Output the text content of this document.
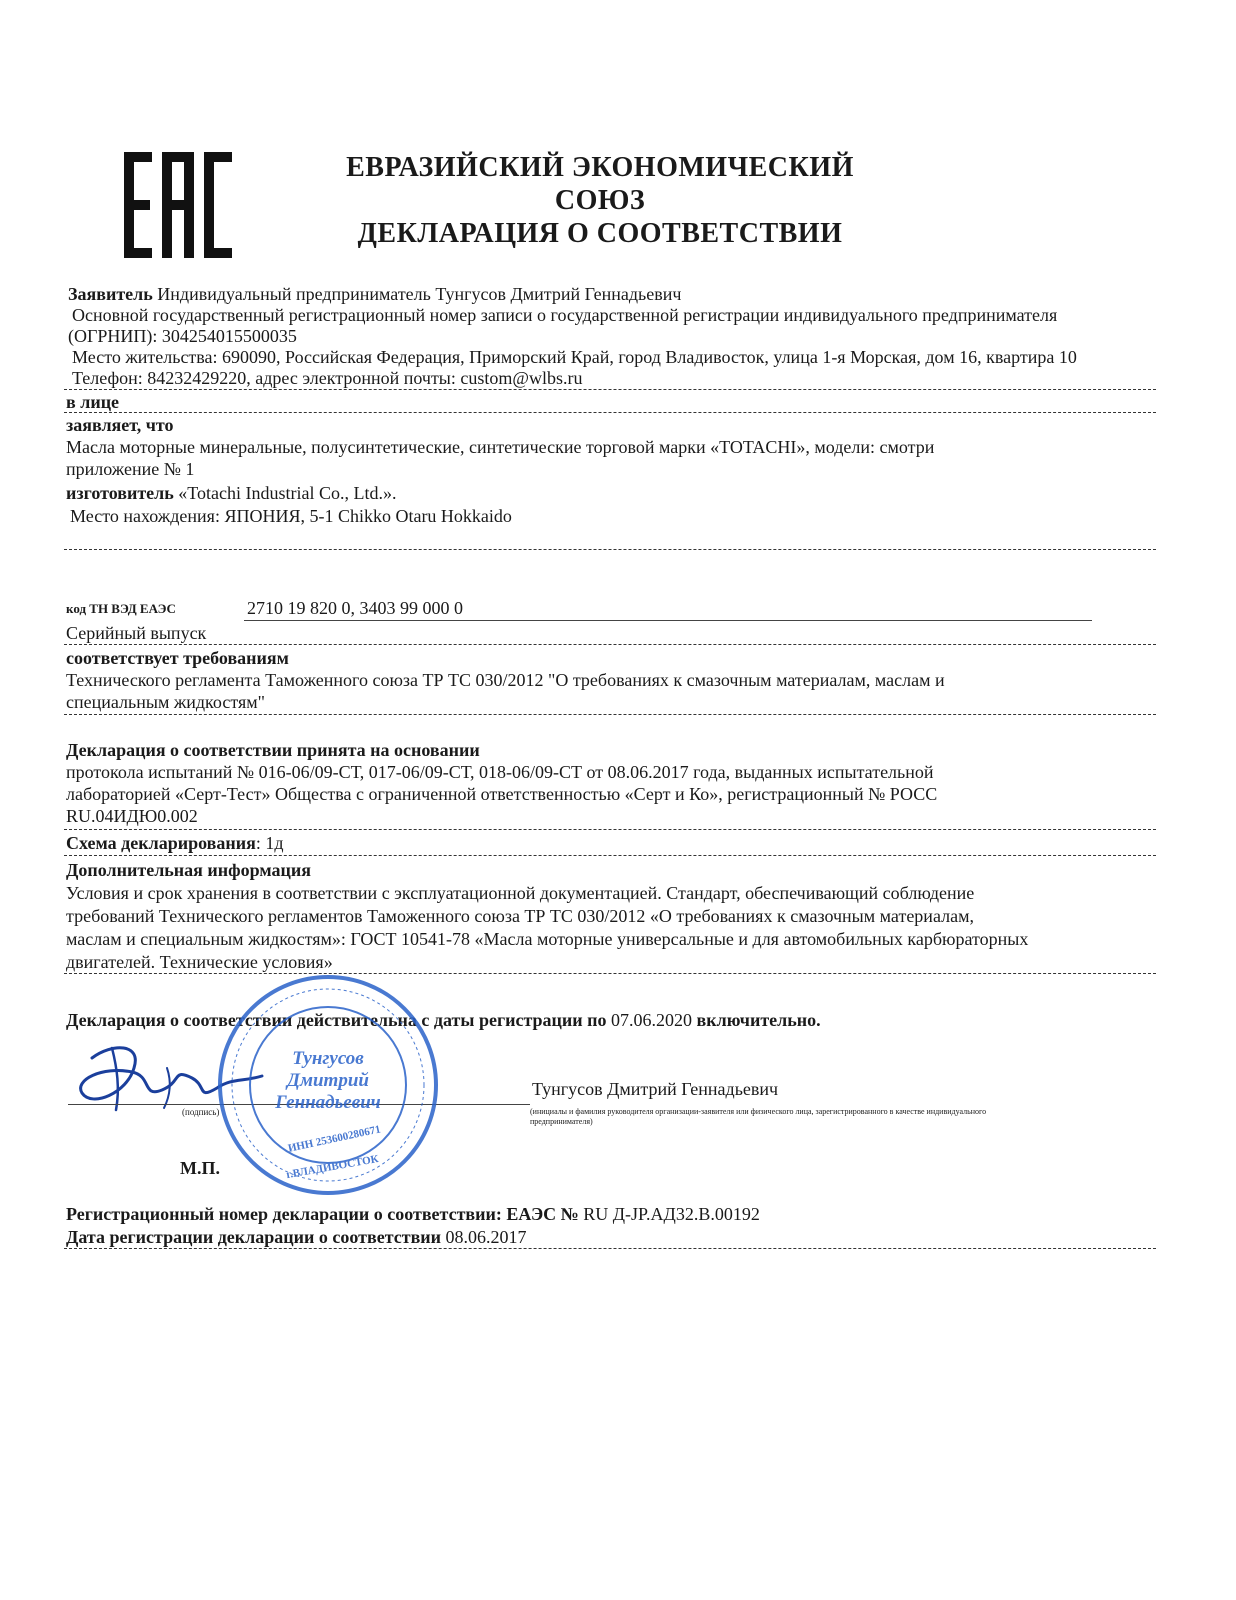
ЕВРАЗИЙСКИЙ ЭКОНОМИЧЕСКИЙ
СОЮЗ
ДЕКЛАРАЦИЯ О СООТВЕТСТВИИ
Заявитель Индивидуальный предприниматель Тунгусов Дмитрий Геннадьевич
Основной государственный регистрационный номер записи о государственной регистрации индивидуального предпринимателя
(ОГРНИП): 304254015500035
Место жительства: 690090, Российская Федерация, Приморский Край, город Владивосток, улица 1-я Морская, дом 16, квартира 10
Телефон: 84232429220, адрес электронной почты: custom@wlbs.ru
в лице
заявляет, что
Масла моторные минеральные, полусинтетические, синтетические торговой марки «TOTACHI», модели: смотри
приложение № 1
изготовитель «Totachi Industrial Co., Ltd.».
Место нахождения: ЯПОНИЯ, 5-1 Chikko Otaru Hokkaido
код ТН ВЭД ЕАЭС	2710 19 820 0, 3403 99 000 0
Серийный выпуск
соответствует требованиям
Технического регламента Таможенного союза ТР ТС 030/2012 "О требованиях к смазочным материалам, маслам и
специальным жидкостям"
Декларация о соответствии принята на основании
протокола испытаний № 016-06/09-СТ, 017-06/09-СТ, 018-06/09-СТ от 08.06.2017 года, выданных испытательной
лабораторией «Серт-Тест» Общества с ограниченной ответственностью «Серт и Ко», регистрационный № РОСС
RU.04ИДЮ0.002
Схема декларирования: 1д
Дополнительная информация
Условия и срок хранения в соответствии с эксплуатационной документацией. Стандарт, обеспечивающий соблюдение
требований Технического регламентов Таможенного союза ТР ТС 030/2012 «О требованиях к смазочным материалам,
маслам и специальным жидкостям»: ГОСТ 10541-78 «Масла моторные универсальные и для автомобильных карбюраторных
двигателей. Технические условия»
Декларация о соответствии действительна с даты регистрации по 07.06.2020 включительно.
(подпись)
Тунгусов Дмитрий Геннадьевич
(инициалы и фамилия руководителя организации-заявителя или физического лица, зарегистрированного в качестве индивидуального предпринимателя)
М.П.
Тунгусов
Дмитрий
Геннадьевич
ИНН 253600280671
г.ВЛАДИВОСТОК
Регистрационный номер декларации о соответствии: ЕАЭС № RU Д-JP.АД32.В.00192
Дата регистрации декларации о соответствии 08.06.2017
